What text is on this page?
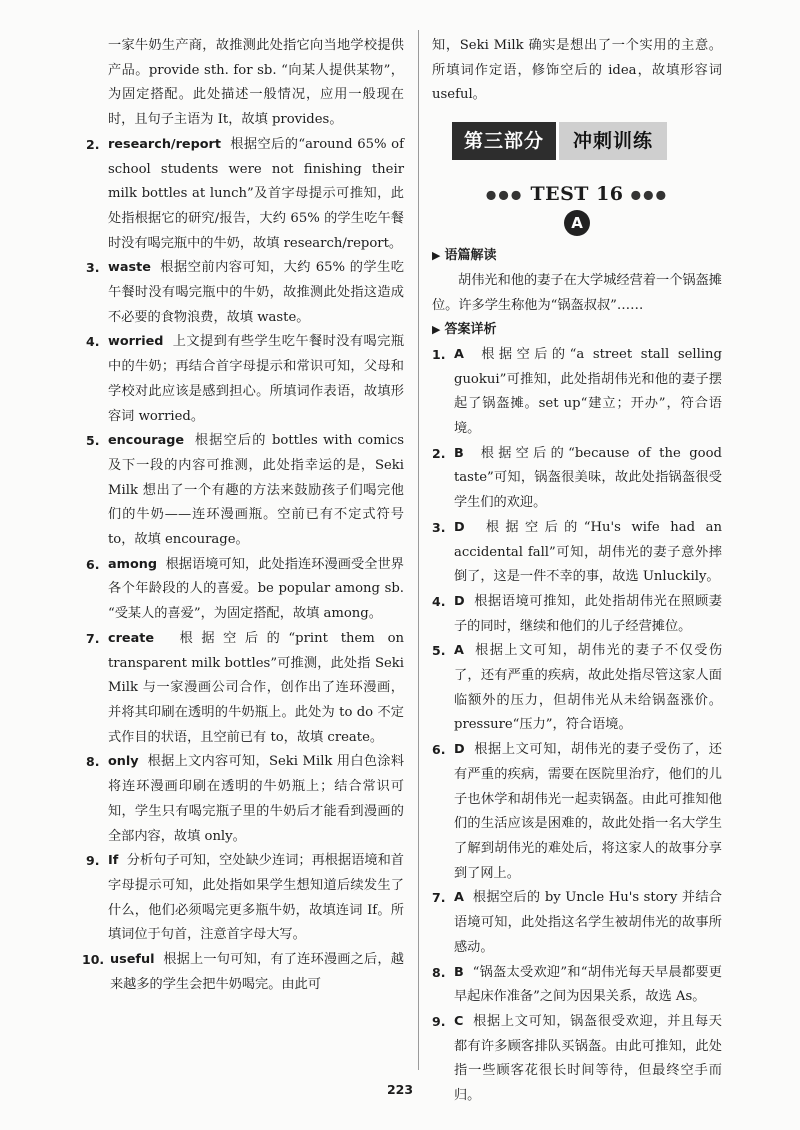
一家牛奶生产商，故推测此处指它向当地学校提供产品。provide sth. for sb. “向某人提供某物”，为固定搭配。此处描述一般情况，应用一般现在时，且句子主语为 It，故填 provides。
2. research/report 根据空后的“around 65% of school students were not finishing their milk bottles at lunch”及首字母提示可推知，此处指根据它的研究/报告，大约 65% 的学生吃午餐时没有喝完瓶中的牛奶，故填 research/report。
3. waste 根据空前内容可知，大约 65% 的学生吃午餐时没有喝完瓶中的牛奶，故推测此处指这造成不必要的食物浪费，故填 waste。
4. worried 上文提到有些学生吃午餐时没有喝完瓶中的牛奶；再结合首字母提示和常识可知，父母和学校对此应该是感到担心。所填词作表语，故填形容词 worried。
5. encourage 根据空后的 bottles with comics 及下一段的内容可推测，此处指幸运的是，Seki Milk 想出了一个有趣的方法来鼓励孩子们喝完他们的牛奶——连环漫画瓶。空前已有不定式符号 to，故填 encourage。
6. among 根据语境可知，此处指连环漫画受全世界各个年龄段的人的喜爱。be popular among sb. “受某人的喜爱”，为固定搭配，故填 among。
7. create 根据空后的“print them on transparent milk bottles”可推测，此处指 Seki Milk 与一家漫画公司合作，创作出了连环漫画，并将其印刷在透明的牛奶瓶上。此处为 to do 不定式作目的状语，且空前已有 to，故填 create。
8. only 根据上文内容可知，Seki Milk 用白色涂料将连环漫画印刷在透明的牛奶瓶上；结合常识可知，学生只有喝完瓶子里的牛奶后才能看到漫画的全部内容，故填 only。
9. If 分析句子可知，空处缺少连词；再根据语境和首字母提示可知，此处指如果学生想知道后续发生了什么，他们必须喝完更多瓶牛奶，故填连词 If。所填词位于句首，注意首字母大写。
10. useful 根据上一句可知，有了连环漫画之后，越来越多的学生会把牛奶喝完。由此可
知，Seki Milk 确实是想出了一个实用的主意。所填词作定语，修饰空后的 idea，故填形容词 useful。
第三部分	冲刺训练
●●● TEST 16 ●●●
A
▶ 语篇解读
胡伟光和他的妻子在大学城经营着一个锅盔摊位。许多学生称他为“锅盔叔叔”……
▶ 答案详析
1. A 根据空后的“a street stall selling guokui”可推知，此处指胡伟光和他的妻子摆起了锅盔摊。set up“建立；开办”，符合语境。
2. B 根据空后的“because of the good taste”可知，锅盔很美味，故此处指锅盔很受学生们的欢迎。
3. D 根据空后的“Hu's wife had an accidental fall”可知，胡伟光的妻子意外摔倒了，这是一件不幸的事，故选 Unluckily。
4. D 根据语境可推知，此处指胡伟光在照顾妻子的同时，继续和他们的儿子经营摊位。
5. A 根据上文可知，胡伟光的妻子不仅受伤了，还有严重的疾病，故此处指尽管这家人面临额外的压力，但胡伟光从未给锅盔涨价。pressure“压力”，符合语境。
6. D 根据上文可知，胡伟光的妻子受伤了，还有严重的疾病，需要在医院里治疗，他们的儿子也休学和胡伟光一起卖锅盔。由此可推知他们的生活应该是困难的，故此处指一名大学生了解到胡伟光的难处后，将这家人的故事分享到了网上。
7. A 根据空后的 by Uncle Hu's story 并结合语境可知，此处指这名学生被胡伟光的故事所感动。
8. B “锅盔太受欢迎”和“胡伟光每天早晨都要更早起床作准备”之间为因果关系，故选 As。
9. C 根据上文可知，锅盔很受欢迎，并且每天都有许多顾客排队买锅盔。由此可推知，此处指一些顾客花很长时间等待，但最终空手而归。
223
